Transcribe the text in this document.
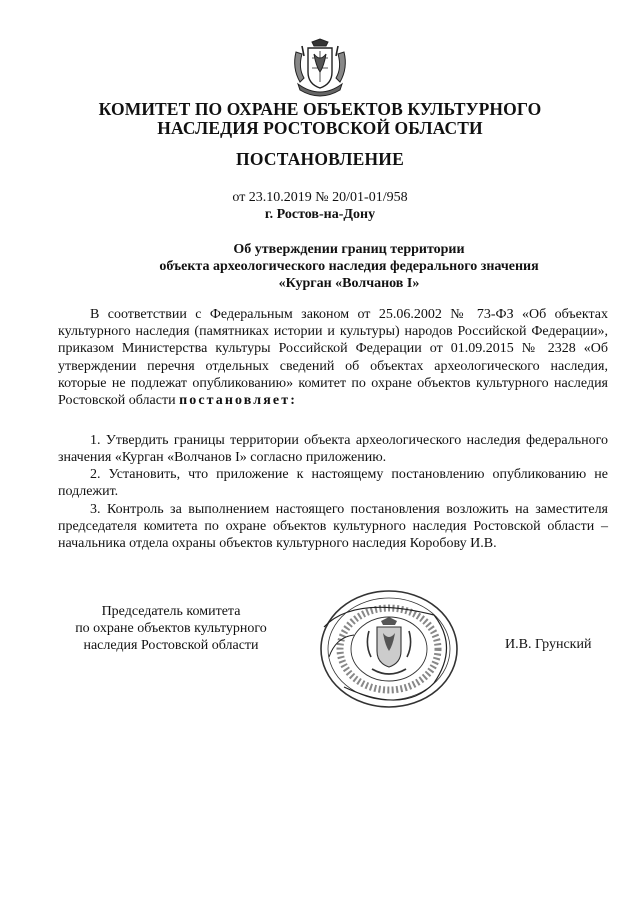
КОМИТЕТ ПО ОХРАНЕ ОБЪЕКТОВ КУЛЬТУРНОГО
НАСЛЕДИЯ РОСТОВСКОЙ ОБЛАСТИ
ПОСТАНОВЛЕНИЕ
от 23.10.2019 № 20/01-01/958
г. Ростов-на-Дону
Об утверждении границ территории
объекта археологического наследия федерального значения
«Курган «Волчанов I»

В соответствии с Федеральным законом от 25.06.2002 № 73-ФЗ «Об объектах культурного наследия (памятниках истории и культуры) народов Российской Федерации», приказом Министерства культуры Российской Федерации от 01.09.2015 № 2328 «Об утверждении перечня отдельных сведений об объектах археологического наследия, которые не подлежат опубликованию» комитет по охране объектов культурного наследия Ростовской области постановляет:

1. Утвердить границы территории объекта археологического наследия федерального значения «Курган «Волчанов I» согласно приложению.

2. Установить, что приложение к настоящему постановлению опубликованию не подлежит.

3. Контроль за выполнением настоящего постановления возложить на заместителя председателя комитета по охране объектов культурного наследия Ростовской области – начальника отдела охраны объектов культурного наследия Коробову И.В.

Председатель комитета
по охране объектов культурного
наследия Ростовской области	И.В. Грунский
